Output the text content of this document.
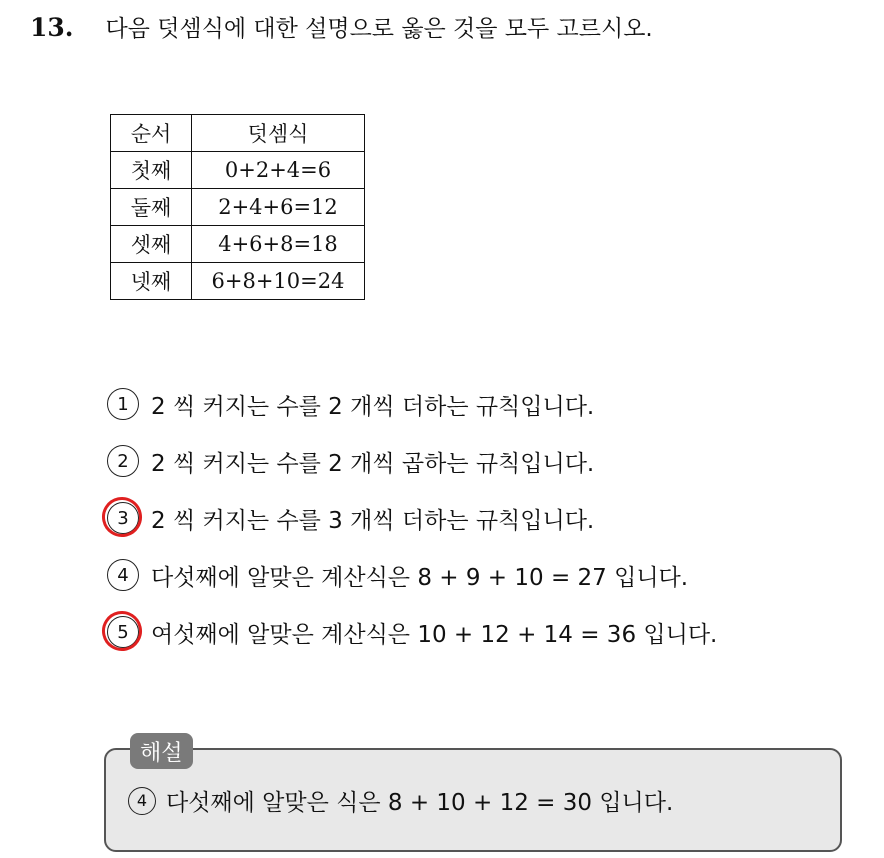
13. 다음 덧셈식에 대한 설명으로 옳은 것을 모두 고르시오.
순서	덧셈식
첫째	0+2+4=6
둘째	2+4+6=12
셋째	4+6+8=18
넷째	6+8+10=24
1 2 씩 커지는 수를 2 개씩 더하는 규칙입니다.
2 2 씩 커지는 수를 2 개씩 곱하는 규칙입니다.
3 2 씩 커지는 수를 3 개씩 더하는 규칙입니다.
4 다섯째에 알맞은 계산식은 8 + 9 + 10 = 27 입니다.
5 여섯째에 알맞은 계산식은 10 + 12 + 14 = 36 입니다.
해설
4 다섯째에 알맞은 식은 8 + 10 + 12 = 30 입니다.
